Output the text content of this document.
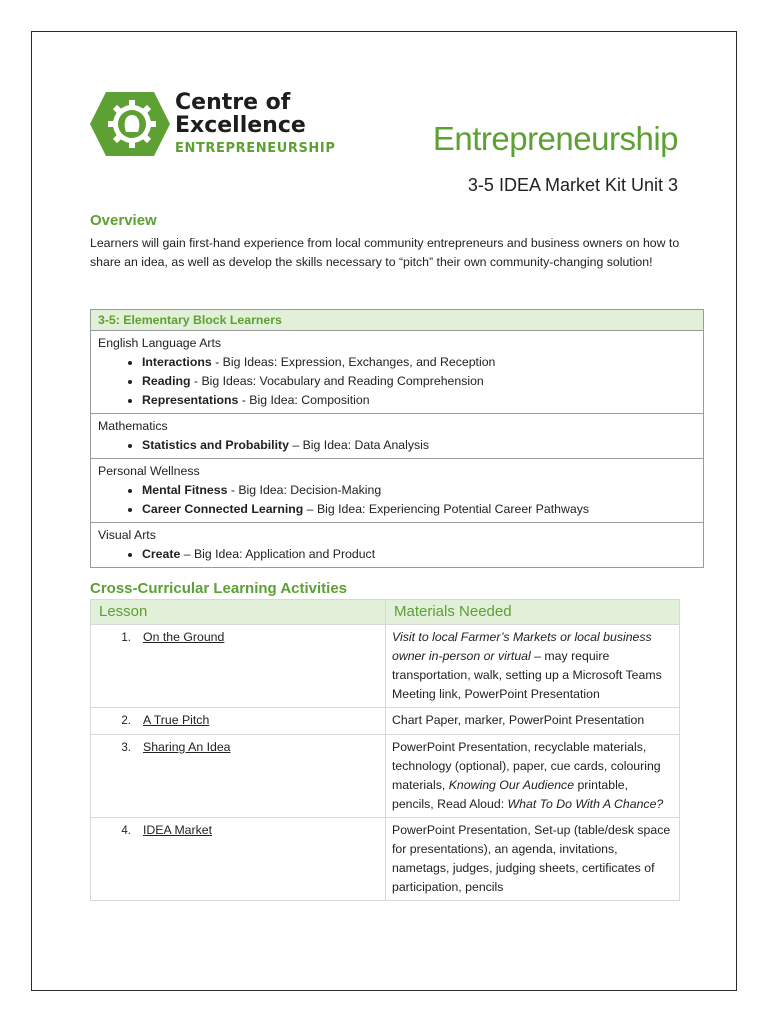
Centre of
Excellence
ENTREPRENEURSHIP	Entrepreneurship
3-5 IDEA Market Kit Unit 3
Overview
Learners will gain first-hand experience from local community entrepreneurs and business owners on how to share an idea, as well as develop the skills necessary to “pitch” their own community-changing solution!
3-5: Elementary Block Learners

English Language Arts
• Interactions - Big Ideas: Expression, Exchanges, and Reception
• Reading - Big Ideas: Vocabulary and Reading Comprehension
• Representations - Big Idea: Composition

Mathematics
• Statistics and Probability – Big Idea: Data Analysis

Personal Wellness
• Mental Fitness - Big Idea: Decision-Making
• Career Connected Learning – Big Idea: Experiencing Potential Career Pathways

Visual Arts
• Create – Big Idea: Application and Product
Cross-Curricular Learning Activities
Lesson	Materials Needed
1. On the Ground	Visit to local Farmer’s Markets or local business owner in-person or virtual – may require transportation, walk, setting up a Microsoft Teams Meeting link, PowerPoint Presentation
2. A True Pitch	Chart Paper, marker, PowerPoint Presentation
3. Sharing An Idea	PowerPoint Presentation, recyclable materials, technology (optional), paper, cue cards, colouring materials, Knowing Our Audience printable, pencils, Read Aloud: What To Do With A Chance?
4. IDEA Market	PowerPoint Presentation, Set-up (table/desk space for presentations), an agenda, invitations, nametags, judges, judging sheets, certificates of participation, pencils
